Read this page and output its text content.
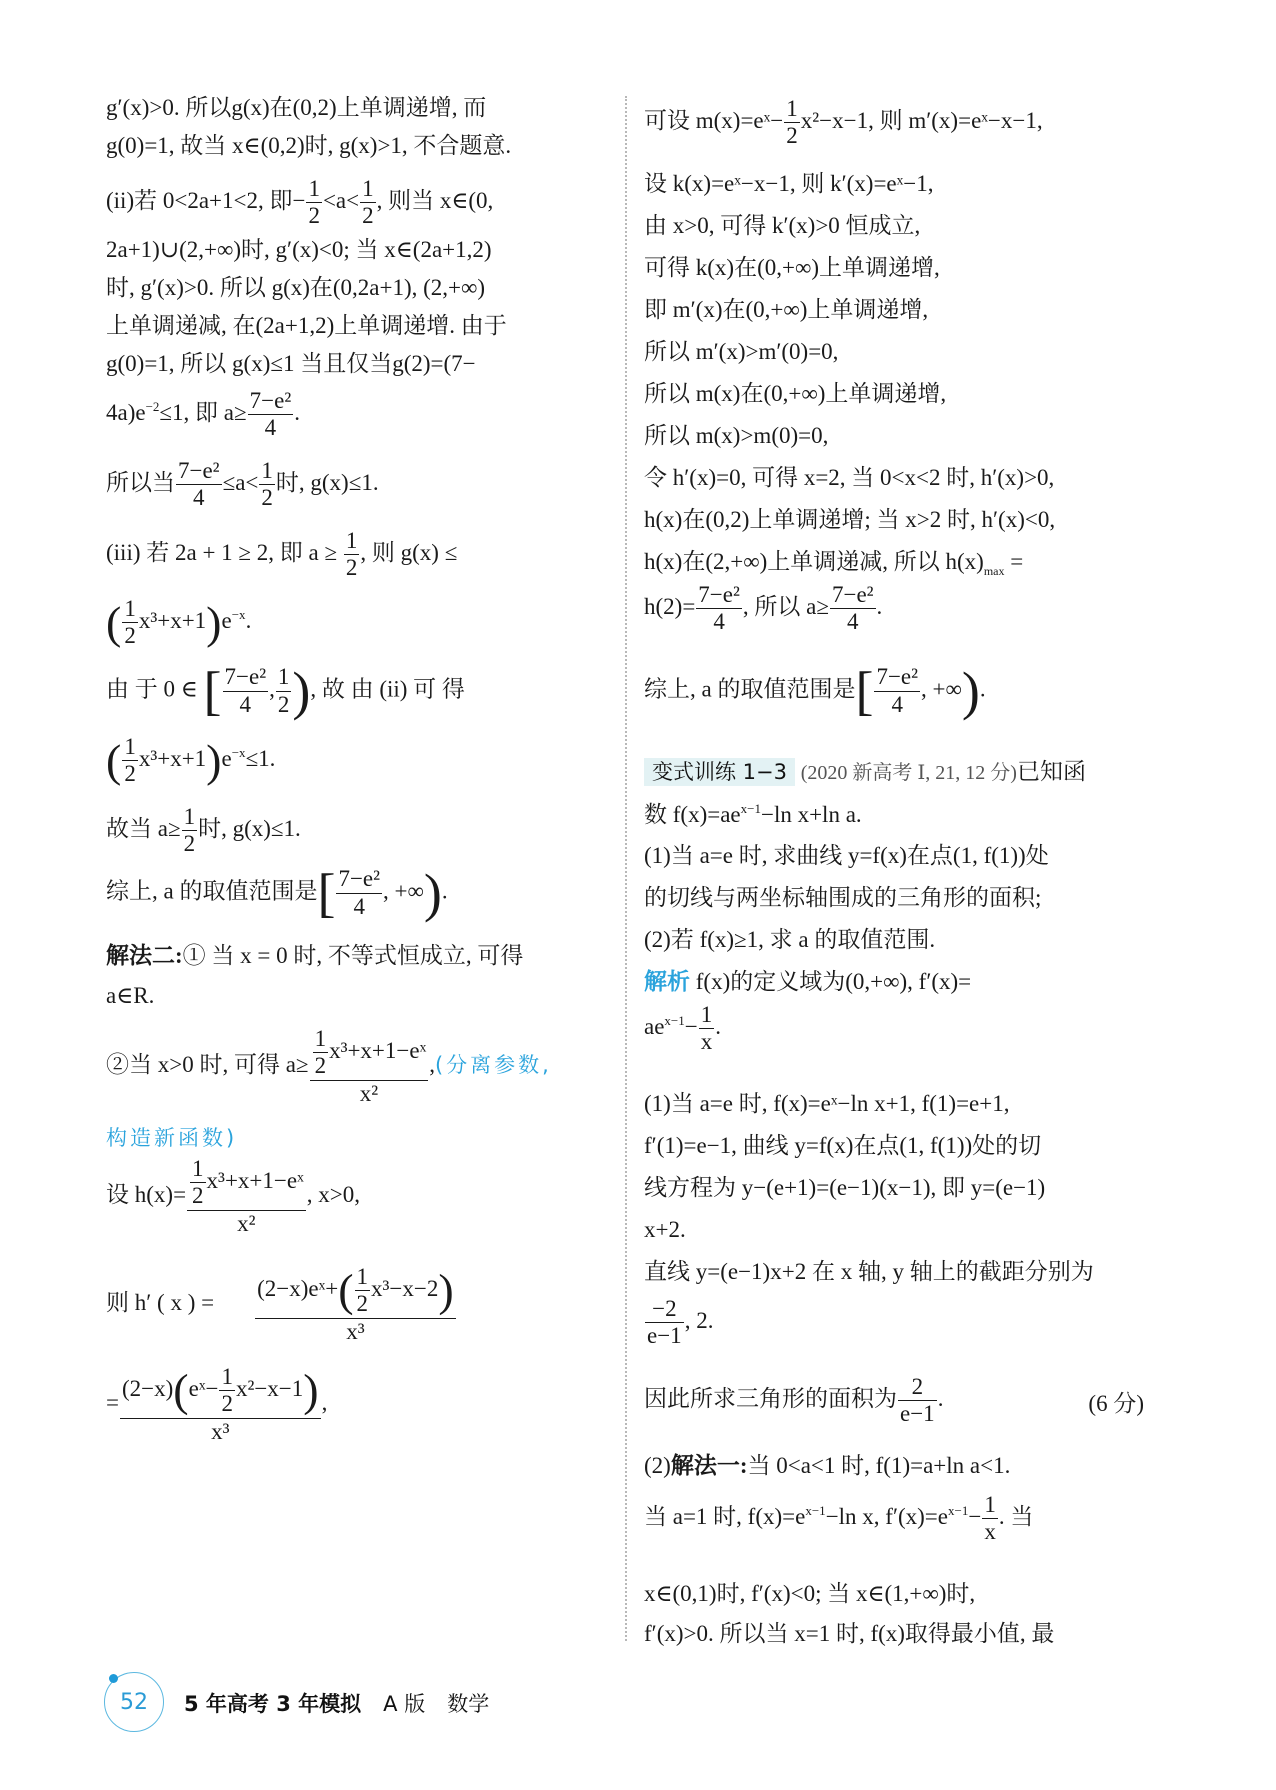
g′(x)>0. 所以g(x)在(0,2)上单调递增, 而
g(0)=1, 故当 x∈(0,2)时, g(x)>1, 不合题意.
(ii)若 0<2a+1<2, 即− $\frac{1}{2} <a< \frac{1}{2}$ , 则当 x∈(0,
2a+1)∪(2,+∞)时, g′(x)<0; 当 x∈(2a+1,2)
时, g′(x)>0. 所以 g(x)在(0,2a+1), (2,+∞)
上单调递减, 在(2a+1,2)上单调递增. 由于
g(0)=1, 所以 g(x)≤1 当且仅当g(2)=(7−
$4a)e^{-2}\le 1$, 即 $a\ge \frac{\text{7−e²}}{4}$ .
所以当 $\frac{\text{7−e²}}{4} \le a< \frac{1}{2}$ 时, g(x)≤1.
(iii) 若 2a + 1 ≥ 2, 即 $a \ge \frac{1}{2}$ , 则 g(x) ≤
( $\frac{1}{2} x^3+x+1)e^{-x}$.
由 于 0 ∈ [ $\frac{\text{7−e²}}{4}$ , $\frac{1}{2}$ ), 故 由 (ii) 可 得
( $\frac{1}{2} x^3+x+1)e^{-x}\le 1$.
故当 $a\ge \frac{1}{2}$ 时, g(x)≤1.
综上, a 的取值范围是[ $\frac{\text{7−e²}}{4}$ , +∞).
解法二:① 当 x = 0 时, 不等式恒成立, 可得
a∈R.
②当 x>0 时, 可得 $a\ge \frac{\frac{1}{2} x^3+x+1-eˣ}{\text{x²}}$ ,(分离参数,
构造新函数)
设 $h(x)= \frac{\frac{1}{2} x^3+x+1-eˣ}{\text{x²}}$ , x>0,
则 h′ ( x ) = $\frac{(2-x)eˣ+( \frac{1}{2} x^3-x-2)}{\text{x³}}$
= $\frac{(2-x)(eˣ- \frac{1}{2} x^2-x-1)}{\text{x³}}$ ,
可设 m(x)=eˣ− $\frac{1}{2} x^2-x-1$, 则 m′(x)=eˣ−x−1,
设 k(x)=eˣ−x−1, 则 k′(x)=eˣ−1,
由 x>0, 可得 k′(x)>0 恒成立,
可得 k(x)在(0,+∞)上单调递增,
即 m′(x)在(0,+∞)上单调递增,
所以 m′(x)>m′(0)=0,
所以 m(x)在(0,+∞)上单调递增,
所以 m(x)>m(0)=0,
令 h′(x)=0, 可得 x=2, 当 0<x<2 时, h′(x)>0,
h(x)在(0,2)上单调递增; 当 x>2 时, h′(x)<0,
h(x)在(2,+∞)上单调递减, 所以 $h(x)_{max}$ =
$h(2)= \frac{\text{7−e²}}{4}$ , 所以 $a\ge \frac{\text{7−e²}}{4}$ .
综上, a 的取值范围是[ $\frac{\text{7−e²}}{4}$ , +∞).
变式训练 1−3 (2020 新高考 Ⅰ, 21, 12 分)已知函
数 $f(x)=ae^{x-1}-\ln$ x+ln a.
(1)当 a=e 时, 求曲线 y=f(x)在点(1, f(1))处
的切线与两坐标轴围成的三角形的面积;
(2)若 f(x)≥1, 求 a 的取值范围.
解析 f(x)的定义域为(0,+∞), f′(x)=
$ae^{x-1}- \frac{1}{x}$ .
(1)当 a=e 时, f(x)=eˣ−ln x+1, f(1)=e+1,
f′(1)=e−1, 曲线 y=f(x)在点(1, f(1))处的切
线方程为 y−(e+1)=(e−1)(x−1), 即 y=(e−1)
x+2.
直线 y=(e−1)x+2 在 x 轴, y 轴上的截距分别为
$\frac{-2}{e-1}$ , 2.
因此所求三角形的面积为 $\frac{2}{e-1}$ .	(6 分)
(2)解法一:当 0<a<1 时, f(1)=a+ln a<1.
当 a=1 时, $f(x)=e^{x-1}-\ln$ x, $f'(x)=e^{x-1}- \frac{1}{x}$ . 当
x∈(0,1)时, f′(x)<0; 当 x∈(1,+∞)时,
f′(x)>0. 所以当 x=1 时, f(x)取得最小值, 最
52 5 年高考 3 年模拟 A 版 数学
